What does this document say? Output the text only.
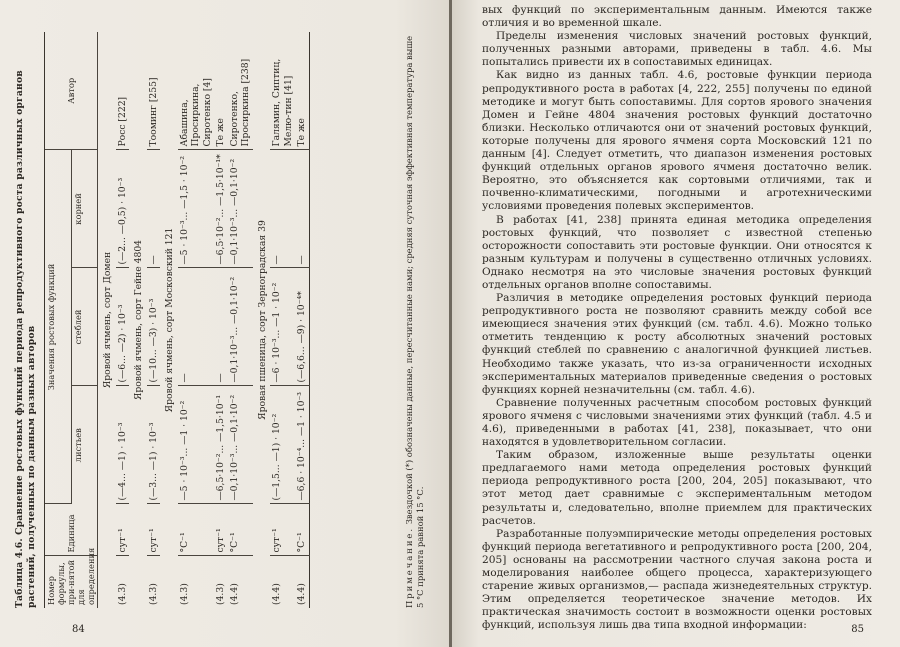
Таблица 4.6. Сравнение ростовых функций периода репродуктивного роста различных органов растений, полученных по данным разных авторов Номер формулы, при-нятой для определения	Единица	Значения ростовых функций			Автор
		листьев	стеблей	корней	
Яровой ячмень, сорт Домен					
(4.3)	сут⁻¹	(—4... —1) · 10⁻³	(—6... —2) · 10⁻³	(—2... —0,5) · 10⁻³	Росс [222]
Яровой ячмень, сорт Гейне 4804					
(4.3)	сут⁻¹	(—3... —1) · 10⁻³	(—10... —3) · 10⁻³	—	Тооминг [255]
Яровой ячмень, сорт Московский 121					
(4.3)	°С⁻¹	—5 · 10⁻³... —1 · 10⁻²	—	—5 · 10⁻³... —1,5 · 10⁻²	Абашина, Просиркина, Сиротенко [4]
(4.3)	сут⁻¹	—6,5·10⁻²... —1,5·10⁻¹	—	—6,5·10⁻²... —1,5·10⁻¹*	Те же
(4.4)	°С⁻¹	—0,1·10⁻³... —0,1·10⁻²	—0,1·10⁻³... —0,1·10⁻²	—0,1·10⁻³... —0,1·10⁻²	Сиротенко, Просиркина [238]
Яровая пшеница, сорт Зерноградская 39					
(4.4)	сут⁻¹	(—1,5... —1) · 10⁻²	—6 · 10⁻³... —1 · 10⁻²	—	Галямин, Сиптиц, Мелю-тин [41]
(4.4)	°С⁻¹	—6,6 · 10⁻⁴... —1 · 10⁻³	(—6,6... —9) · 10⁻⁴*	—	Те же
Примечание. Звездочкой (*) обозначены данные, пересчитанные нами; средняя суточная эффективная температура выше 5 °С принята равной 15 °С.
84

вых функций по экспериментальным данным. Имеются также отличия и во временной шкале.

Пределы изменения числовых значений ростовых функций, полученных разными авторами, приведены в табл. 4.6. Мы попытались привести их в сопоставимых единицах.

Как видно из данных табл. 4.6, ростовые функции периода репродуктивного роста в работах [4, 222, 255] получены по единой методике и могут быть сопоставимы. Для сортов ярового значения Домен и Гейне 4804 значения ростовых функций достаточно близки. Несколько отличаются они от значений ростовых функций, которые получены для ярового ячменя сорта Московский 121 по данным [4]. Следует отметить, что диапазон изменения ростовых функций отдельных органов ярового ячменя достаточно велик. Вероятно, это объясняется как сортовыми отличиями, так и почвенно-климатическими, погодными и агротехническими условиями проведения полевых экспериментов.

В работах [41, 238] принята единая методика определения ростовых функций, что позволяет с известной степенью осторожности сопоставить эти ростовые функции. Они относятся к разным культурам и получены в существенно отличных условиях. Однако несмотря на это числовые значения ростовых функций отдельных органов вполне сопоставимы.

Различия в методике определения ростовых функций периода репродуктивного роста не позволяют сравнить между собой все имеющиеся значения этих функций (см. табл. 4.6). Можно только отметить тенденцию к росту абсолютных значений ростовых функций стеблей по сравнению с аналогичной функцией листьев. Необходимо также указать, что из-за ограниченности исходных экспериментальных материалов приведенные сведения о ростовых функциях корней незначительны (см. табл. 4.6).

Сравнение полученных расчетным способом ростовых функций ярового ячменя с числовыми значениями этих функций (табл. 4.5 и 4.6), приведенными в работах [41, 238], показывает, что они находятся в удовлетворительном согласии.

Таким образом, изложенные выше результаты оценки предлагаемого нами метода определения ростовых функций периода репродуктивного роста [200, 204, 205] показывают, что этот метод дает сравнимые с экспериментальным методом результаты и, следовательно, вполне приемлем для практических расчетов.

Разработанные полуэмпирические методы определения ростовых функций периода вегетативного и репродуктивного роста [200, 204, 205] основаны на рассмотрении частного случая закона роста и моделирования наиболее общего процесса, характеризующего старение живых организмов,— распада жизнедеятельных структур. Этим определяется теоретическое значение методов. Их практическая значимость состоит в возможности оценки ростовых функций, используя лишь два типа входной информации:	85
